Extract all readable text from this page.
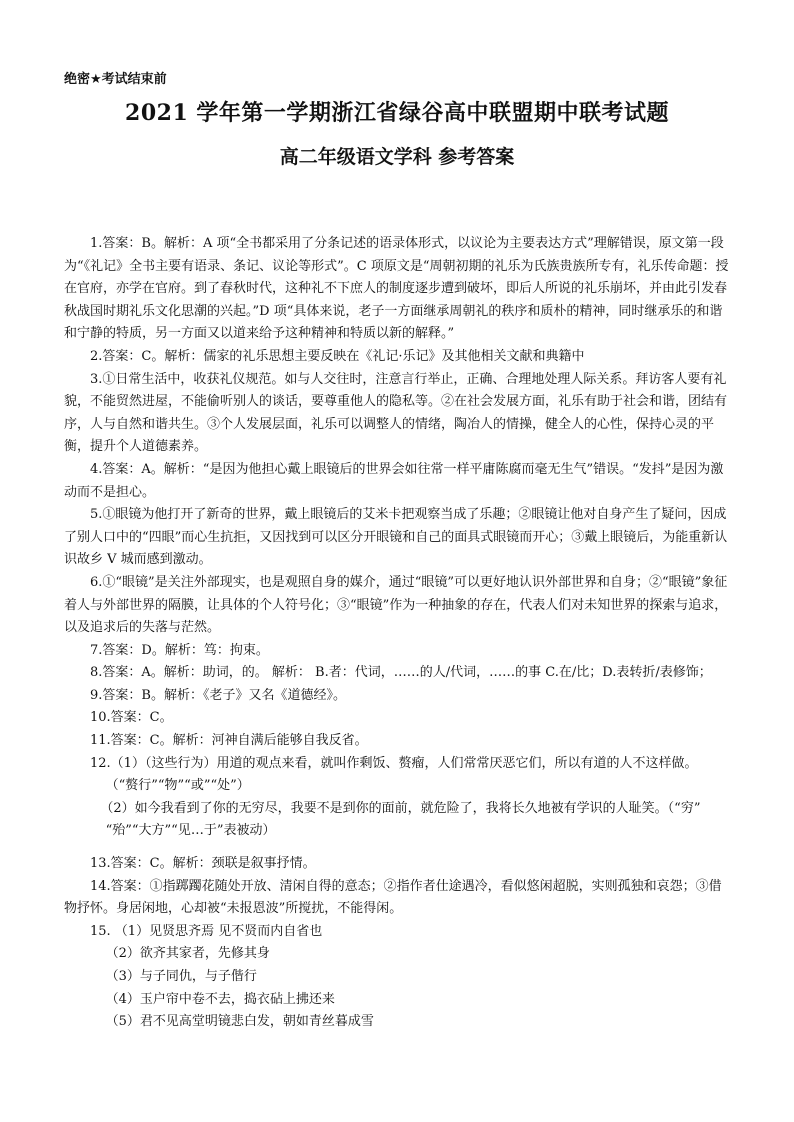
绝密★考试结束前
2021 学年第一学期浙江省绿谷高中联盟期中联考试题
高二年级语文学科 参考答案

1.答案：B。解析：A 项“全书都采用了分条记述的语录体形式，以议论为主要表达方式”理解错误，原文第一段为“《礼记》全书主要有语录、条记、议论等形式”。C 项原文是“周朝初期的礼乐为氏族贵族所专有，礼乐传命题：授在官府，亦学在官府。到了春秋时代，这种礼不下庶人的制度逐步遭到破坏，即后人所说的礼乐崩坏，并由此引发春秋战国时期礼乐文化思潮的兴起。”D 项“具体来说，老子一方面继承周朝礼的秩序和质朴的精神，同时继承乐的和谐和宁静的特质，另一方面又以道来给予这种精神和特质以新的解释。”

2.答案：C。解析：儒家的礼乐思想主要反映在《礼记·乐记》及其他相关文献和典籍中

3.①日常生活中，收获礼仪规范。如与人交往时，注意言行举止，正确、合理地处理人际关系。拜访客人要有礼貌，不能贸然进屋，不能偷听别人的谈话，要尊重他人的隐私等。②在社会发展方面，礼乐有助于社会和谐，团结有序，人与自然和谐共生。③个人发展层面，礼乐可以调整人的情绪，陶冶人的情操，健全人的心性，保持心灵的平衡，提升个人道德素养。

4.答案：A。解析：“是因为他担心戴上眼镜后的世界会如往常一样平庸陈腐而毫无生气”错误。“发抖”是因为激动而不是担心。

5.①眼镜为他打开了新奇的世界，戴上眼镜后的艾米卡把观察当成了乐趣；②眼镜让他对自身产生了疑问，因成了别人口中的“四眼”而心生抗拒，又因找到可以区分开眼镜和自己的面具式眼镜而开心；③戴上眼镜后，为能重新认识故乡 V 城而感到激动。

6.①“眼镜”是关注外部现实，也是观照自身的媒介，通过“眼镜”可以更好地认识外部世界和自身；②“眼镜”象征着人与外部世界的隔膜，让具体的个人符号化；③“眼镜”作为一种抽象的存在，代表人们对未知世界的探索与追求，以及追求后的失落与茫然。

7.答案：D。解析：笃：拘束。

8.答案：A。解析：助词，的。 解析： B.者：代词，……的人/代词，……的事 C.在/比；D.表转折/表修饰；

9.答案：B。解析：《老子》又名《道德经》。

10.答案：C。

11.答案：C。解析：河神自满后能够自我反省。

12.（1）（这些行为）用道的观点来看，就叫作剩饭、赘瘤，人们常常厌恶它们，所以有道的人不这样做。

（“赘行”“物”“或”“处”）

（2）如今我看到了你的无穷尽，我要不是到你的面前，就危险了，我将长久地被有学识的人耻笑。（“穷”

“殆”“大方”“见…于”表被动）

13.答案：C。解析：颈联是叙事抒情。

14.答案：①指踯躅花随处开放、清闲自得的意态；②指作者仕途遇冷，看似悠闲超脱，实则孤独和哀怨；③借物抒怀。身居闲地，心却被“未报恩波”所搅扰，不能得闲。

15. （1）见贤思齐焉 见不贤而内自省也

（2）欲齐其家者，先修其身

（3）与子同仇，与子偕行

（4）玉户帘中卷不去，捣衣砧上拂还来

（5）君不见高堂明镜悲白发，朝如青丝暮成雪
